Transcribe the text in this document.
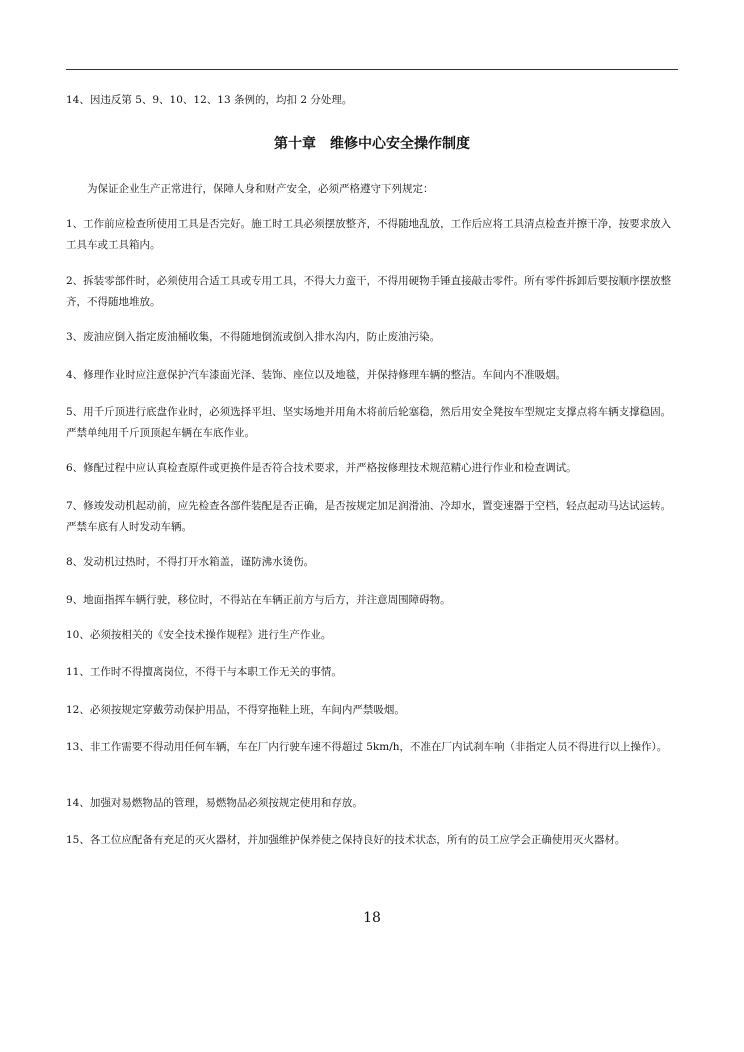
14、因违反第 5、9、10、12、13 条例的，均扣 2 分处理。

第十章　维修中心安全操作制度

为保证企业生产正常进行，保障人身和财产安全，必须严格遵守下列规定：

1、工作前应检查所使用工具是否完好。施工时工具必须摆放整齐，不得随地乱放，工作后应将工具清点检查并擦干净，按要求放入工具车或工具箱内。

2、拆装零部件时，必须使用合适工具或专用工具，不得大力蛮干，不得用硬物手锤直接敲击零件。所有零件拆卸后要按顺序摆放整齐，不得随地堆放。

3、废油应倒入指定废油桶收集，不得随地倒流或倒入排水沟内，防止废油污染。

4、修理作业时应注意保护汽车漆面光泽、装饰、座位以及地毯，并保持修理车辆的整洁。车间内不准吸烟。

5、用千斤顶进行底盘作业时，必须选择平坦、坚实场地并用角木将前后轮塞稳，然后用安全凳按车型规定支撑点将车辆支撑稳固。严禁单纯用千斤顶顶起车辆在车底作业。

6、修配过程中应认真检查原件或更换件是否符合技术要求，并严格按修理技术规范精心进行作业和检查调试。

7、修竣发动机起动前，应先检查各部件装配是否正确，是否按规定加足润滑油、冷却水，置变速器于空档，轻点起动马达试运转。严禁车底有人时发动车辆。

8、发动机过热时，不得打开水箱盖，谨防沸水烫伤。

9、地面指挥车辆行驶，移位时，不得站在车辆正前方与后方，并注意周围障碍物。

10、必须按相关的《安全技术操作规程》进行生产作业。

11、工作时不得擅离岗位，不得干与本职工作无关的事情。

12、必须按规定穿戴劳动保护用品，不得穿拖鞋上班，车间内严禁吸烟。

13、非工作需要不得动用任何车辆，车在厂内行驶车速不得超过 5km/h，不准在厂内试刹车响（非指定人员不得进行以上操作）。

14、加强对易燃物品的管理，易燃物品必须按规定使用和存放。

15、各工位应配备有充足的灭火器材，并加强维护保养使之保持良好的技术状态，所有的员工应学会正确使用灭火器材。

18
